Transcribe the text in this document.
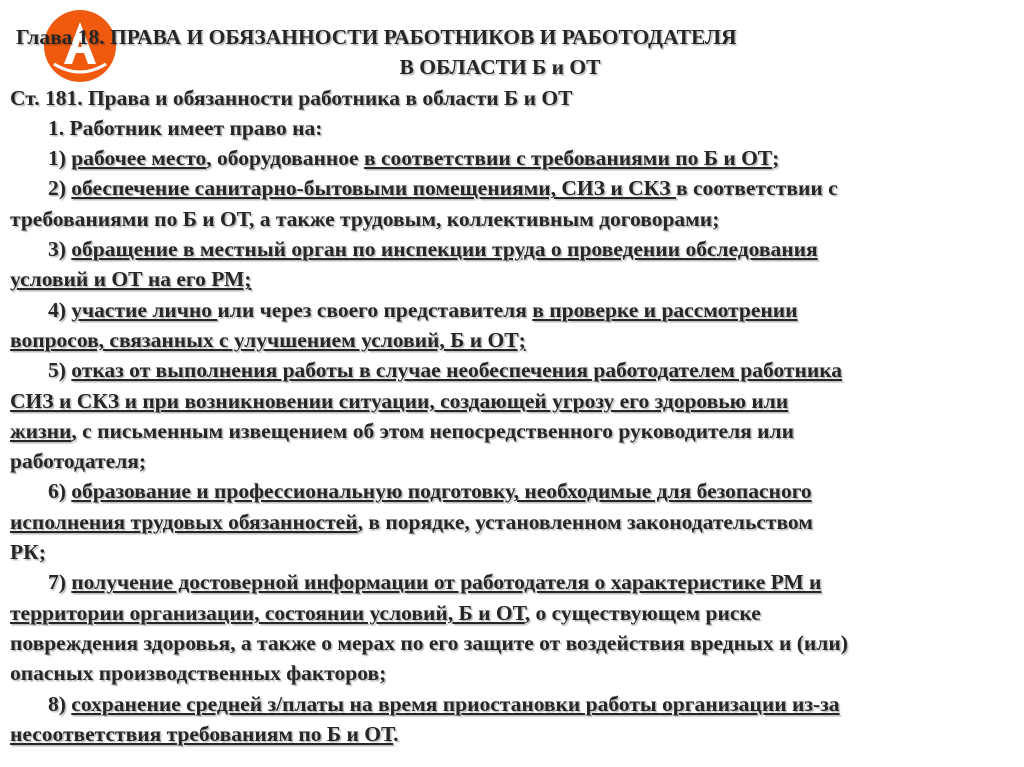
Глава 18. ПРАВА И ОБЯЗАННОСТИ РАБОТНИКОВ И РАБОТОДАТЕЛЯ
В ОБЛАСТИ Б и ОТ
Ст. 181. Права и обязанности работника в области Б и ОТ
1. Работник имеет право на:
1) рабочее место, оборудованное в соответствии с требованиями по Б и ОТ;
2) обеспечение санитарно-бытовыми помещениями, СИЗ и СКЗ в соответствии с
требованиями по Б и ОТ, а также трудовым, коллективным договорами;
3) обращение в местный орган по инспекции труда о проведении обследования
условий и ОТ на его РМ;
4) участие лично или через своего представителя в проверке и рассмотрении
вопросов, связанных с улучшением условий, Б и ОТ;
5) отказ от выполнения работы в случае необеспечения работодателем работника
СИЗ и СКЗ и при возникновении ситуации, создающей угрозу его здоровью или
жизни, с письменным извещением об этом непосредственного руководителя или
работодателя;
6) образование и профессиональную подготовку, необходимые для безопасного
исполнения трудовых обязанностей, в порядке, установленном законодательством
РК;
7) получение достоверной информации от работодателя о характеристике РМ и
территории организации, состоянии условий, Б и ОТ, о существующем риске
повреждения здоровья, а также о мерах по его защите от воздействия вредных и (или)
опасных производственных факторов;
8) сохранение средней з/платы на время приостановки работы организации из-за
несоответствия требованиям по Б и ОТ.
